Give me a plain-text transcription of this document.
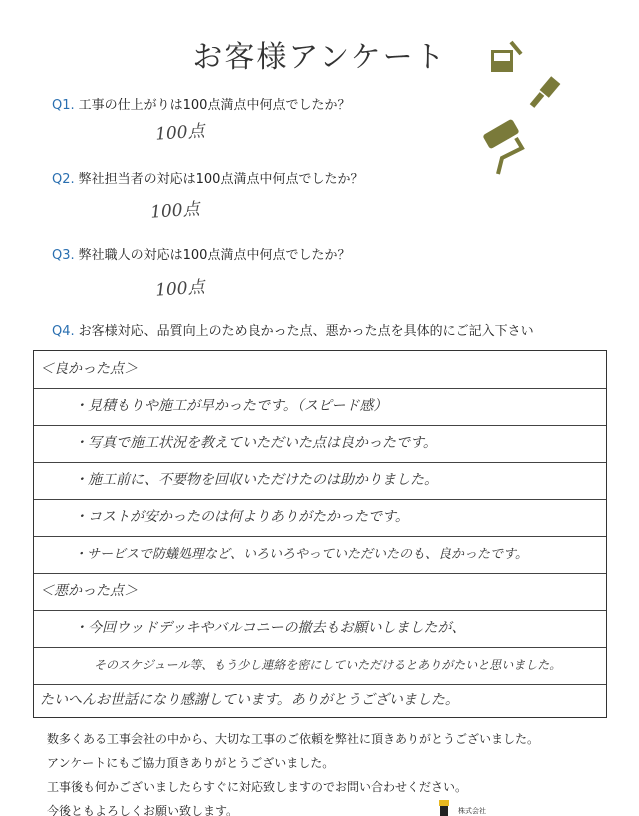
お客様アンケート
Q1. 工事の仕上がりは100点満点中何点でしたか？
100点
Q2. 弊社担当者の対応は100点満点中何点でしたか？
100点
Q3. 弊社職人の対応は100点満点中何点でしたか？
100点
Q4. お客様対応、品質向上のため良かった点、悪かった点を具体的にご記入下さい
＜良かった点＞
・見積もりや施工が早かったです。（スピード感）
・写真で施工状況を教えていただいた点は良かったです。
・施工前に、不要物を回収いただけたのは助かりました。
・コストが安かったのは何よりありがたかったです。
・サービスで防蟻処理など、いろいろやっていただいたのも、良かったです。
＜悪かった点＞
・今回ウッドデッキやバルコニーの撤去もお願いしましたが、
そのスケジュール等、もう少し連絡を密にしていただけるとありがたいと思いました。
たいへんお世話になり感謝しています。ありがとうございました。
数多くある工事会社の中から、大切な工事のご依頼を弊社に頂きありがとうございました。
アンケートにもご協力頂きありがとうございました。
工事後も何かございましたらすぐに対応致しますのでお問い合わせください。
今後ともよろしくお願い致します。	株式会社
